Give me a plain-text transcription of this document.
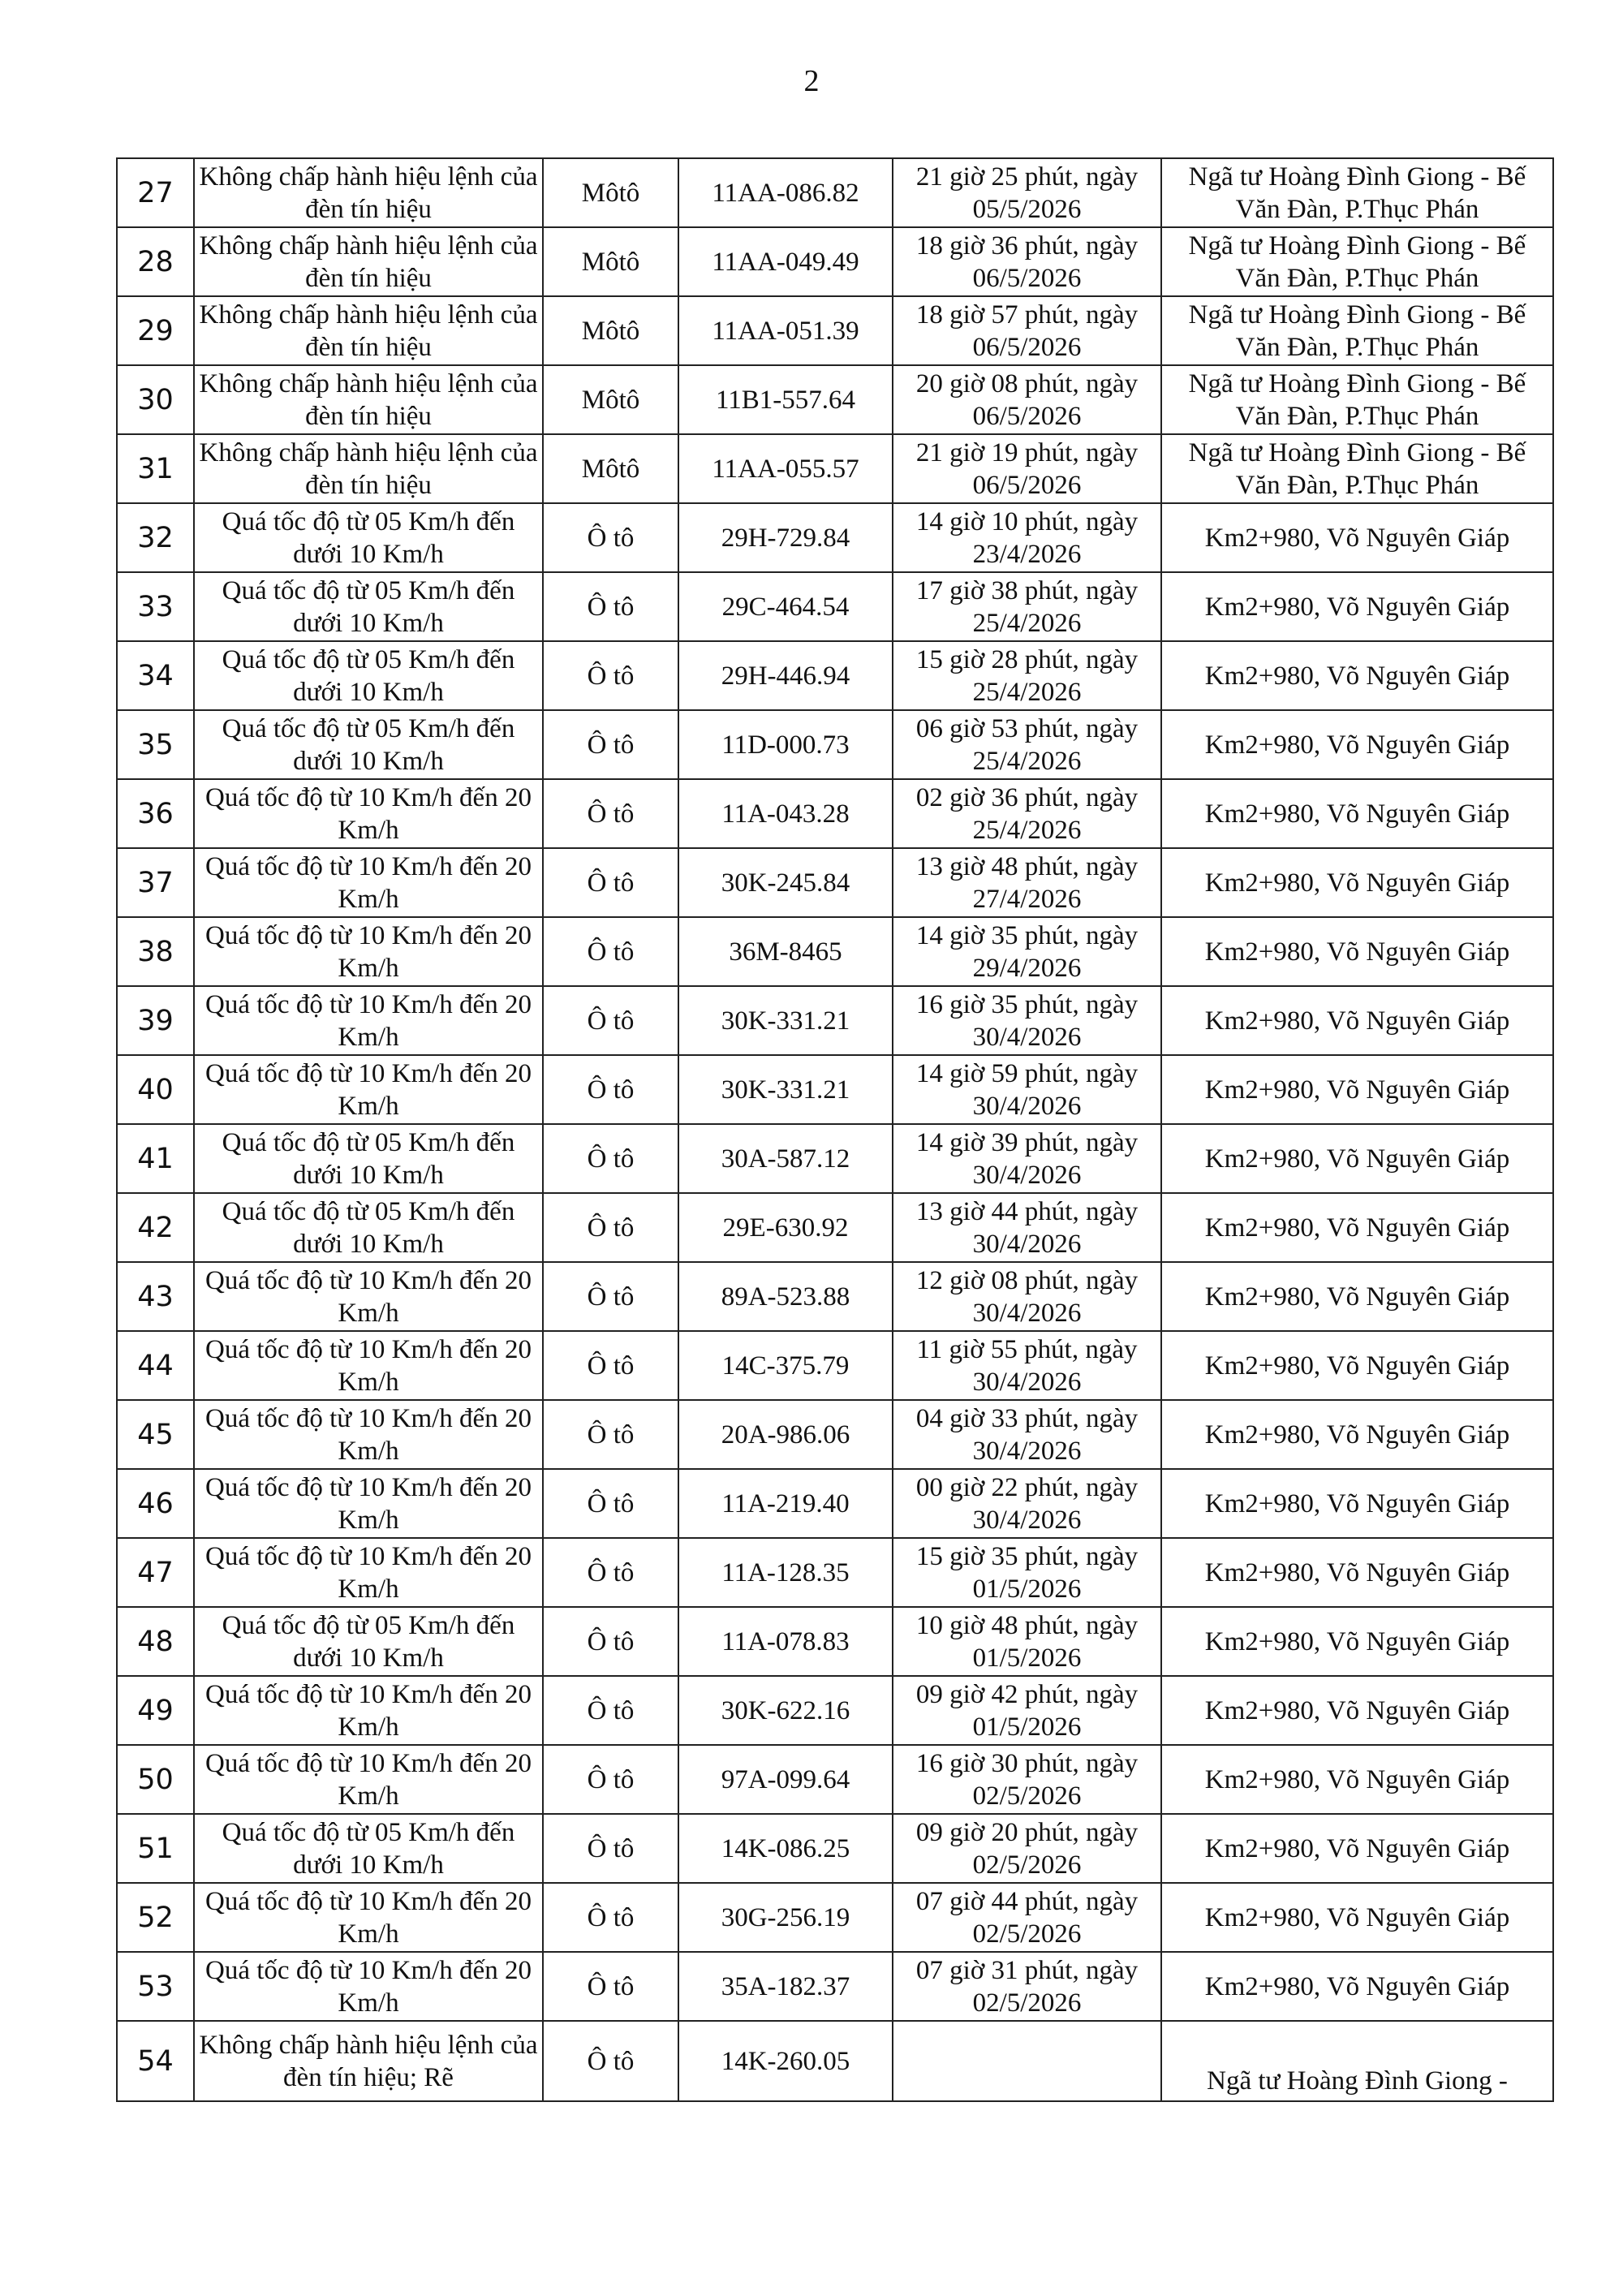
2
27	Không chấp hành hiệu lệnh của đèn tín hiệu	Môtô	11AA-086.82	21 giờ 25 phút, ngày 05/5/2026	Ngã tư Hoàng Đình Giong - Bế Văn Đàn, P.Thục Phán
28	Không chấp hành hiệu lệnh của đèn tín hiệu	Môtô	11AA-049.49	18 giờ 36 phút, ngày 06/5/2026	Ngã tư Hoàng Đình Giong - Bế Văn Đàn, P.Thục Phán
29	Không chấp hành hiệu lệnh của đèn tín hiệu	Môtô	11AA-051.39	18 giờ 57 phút, ngày 06/5/2026	Ngã tư Hoàng Đình Giong - Bế Văn Đàn, P.Thục Phán
30	Không chấp hành hiệu lệnh của đèn tín hiệu	Môtô	11B1-557.64	20 giờ 08 phút, ngày 06/5/2026	Ngã tư Hoàng Đình Giong - Bế Văn Đàn, P.Thục Phán
31	Không chấp hành hiệu lệnh của đèn tín hiệu	Môtô	11AA-055.57	21 giờ 19 phút, ngày 06/5/2026	Ngã tư Hoàng Đình Giong - Bế Văn Đàn, P.Thục Phán
32	Quá tốc độ từ 05 Km/h đến dưới 10 Km/h	Ô tô	29H-729.84	14 giờ 10 phút, ngày 23/4/2026	Km2+980, Võ Nguyên Giáp
33	Quá tốc độ từ 05 Km/h đến dưới 10 Km/h	Ô tô	29C-464.54	17 giờ 38 phút, ngày 25/4/2026	Km2+980, Võ Nguyên Giáp
34	Quá tốc độ từ 05 Km/h đến dưới 10 Km/h	Ô tô	29H-446.94	15 giờ 28 phút, ngày 25/4/2026	Km2+980, Võ Nguyên Giáp
35	Quá tốc độ từ 05 Km/h đến dưới 10 Km/h	Ô tô	11D-000.73	06 giờ 53 phút, ngày 25/4/2026	Km2+980, Võ Nguyên Giáp
36	Quá tốc độ từ 10 Km/h đến 20 Km/h	Ô tô	11A-043.28	02 giờ 36 phút, ngày 25/4/2026	Km2+980, Võ Nguyên Giáp
37	Quá tốc độ từ 10 Km/h đến 20 Km/h	Ô tô	30K-245.84	13 giờ 48 phút, ngày 27/4/2026	Km2+980, Võ Nguyên Giáp
38	Quá tốc độ từ 10 Km/h đến 20 Km/h	Ô tô	36M-8465	14 giờ 35 phút, ngày 29/4/2026	Km2+980, Võ Nguyên Giáp
39	Quá tốc độ từ 10 Km/h đến 20 Km/h	Ô tô	30K-331.21	16 giờ 35 phút, ngày 30/4/2026	Km2+980, Võ Nguyên Giáp
40	Quá tốc độ từ 10 Km/h đến 20 Km/h	Ô tô	30K-331.21	14 giờ 59 phút, ngày 30/4/2026	Km2+980, Võ Nguyên Giáp
41	Quá tốc độ từ 05 Km/h đến dưới 10 Km/h	Ô tô	30A-587.12	14 giờ 39 phút, ngày 30/4/2026	Km2+980, Võ Nguyên Giáp
42	Quá tốc độ từ 05 Km/h đến dưới 10 Km/h	Ô tô	29E-630.92	13 giờ 44 phút, ngày 30/4/2026	Km2+980, Võ Nguyên Giáp
43	Quá tốc độ từ 10 Km/h đến 20 Km/h	Ô tô	89A-523.88	12 giờ 08 phút, ngày 30/4/2026	Km2+980, Võ Nguyên Giáp
44	Quá tốc độ từ 10 Km/h đến 20 Km/h	Ô tô	14C-375.79	11 giờ 55 phút, ngày 30/4/2026	Km2+980, Võ Nguyên Giáp
45	Quá tốc độ từ 10 Km/h đến 20 Km/h	Ô tô	20A-986.06	04 giờ 33 phút, ngày 30/4/2026	Km2+980, Võ Nguyên Giáp
46	Quá tốc độ từ 10 Km/h đến 20 Km/h	Ô tô	11A-219.40	00 giờ 22 phút, ngày 30/4/2026	Km2+980, Võ Nguyên Giáp
47	Quá tốc độ từ 10 Km/h đến 20 Km/h	Ô tô	11A-128.35	15 giờ 35 phút, ngày 01/5/2026	Km2+980, Võ Nguyên Giáp
48	Quá tốc độ từ 05 Km/h đến dưới 10 Km/h	Ô tô	11A-078.83	10 giờ 48 phút, ngày 01/5/2026	Km2+980, Võ Nguyên Giáp
49	Quá tốc độ từ 10 Km/h đến 20 Km/h	Ô tô	30K-622.16	09 giờ 42 phút, ngày 01/5/2026	Km2+980, Võ Nguyên Giáp
50	Quá tốc độ từ 10 Km/h đến 20 Km/h	Ô tô	97A-099.64	16 giờ 30 phút, ngày 02/5/2026	Km2+980, Võ Nguyên Giáp
51	Quá tốc độ từ 05 Km/h đến dưới 10 Km/h	Ô tô	14K-086.25	09 giờ 20 phút, ngày 02/5/2026	Km2+980, Võ Nguyên Giáp
52	Quá tốc độ từ 10 Km/h đến 20 Km/h	Ô tô	30G-256.19	07 giờ 44 phút, ngày 02/5/2026	Km2+980, Võ Nguyên Giáp
53	Quá tốc độ từ 10 Km/h đến 20 Km/h	Ô tô	35A-182.37	07 giờ 31 phút, ngày 02/5/2026	Km2+980, Võ Nguyên Giáp
54	Không chấp hành hiệu lệnh của đèn tín hiệu; Rẽ	Ô tô	14K-260.05		Ngã tư Hoàng Đình Giong -
